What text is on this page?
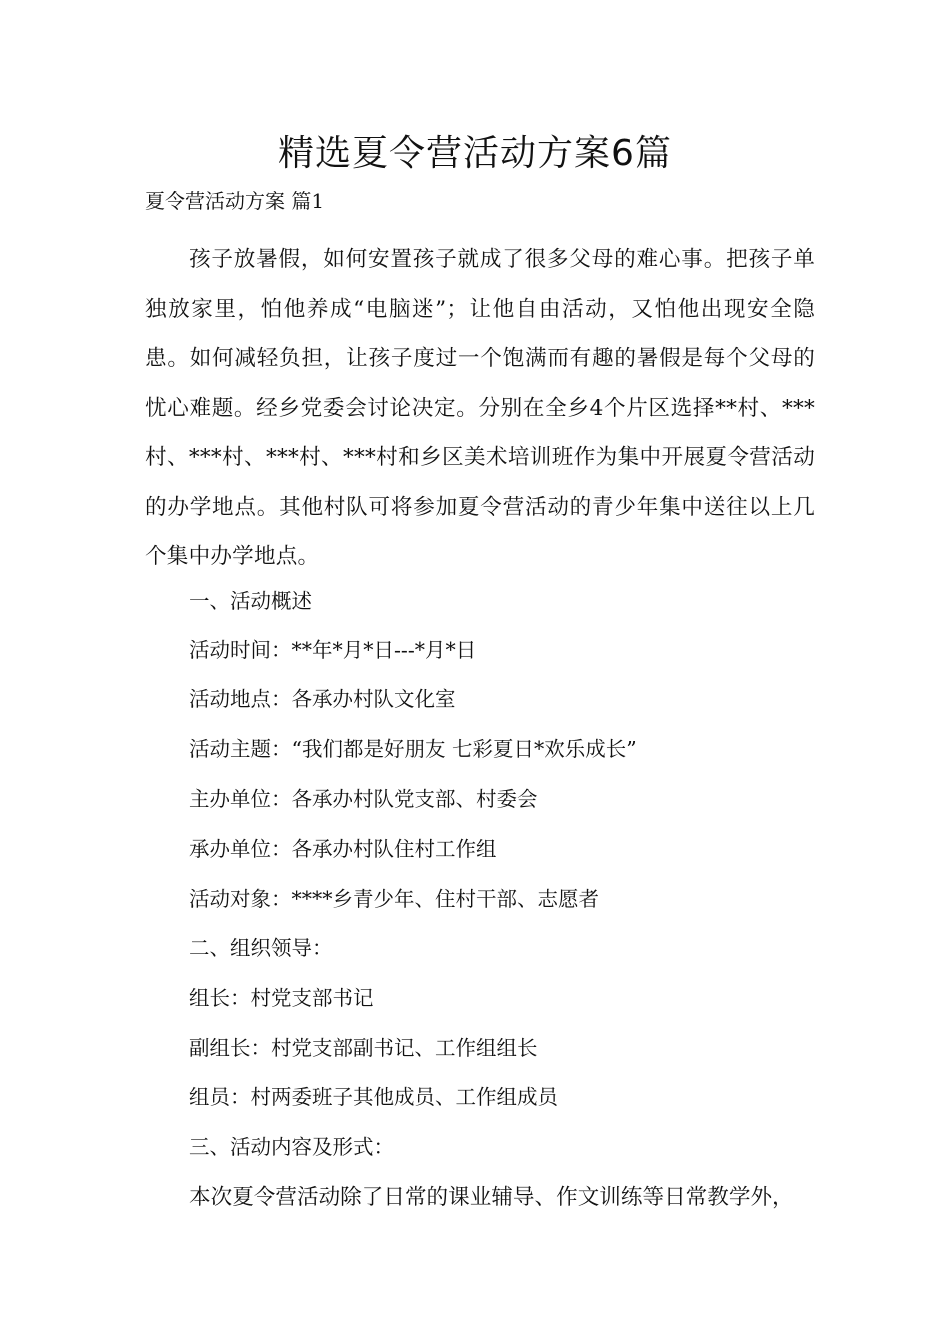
精选夏令营活动方案6篇
夏令营活动方案 篇1
孩子放暑假，如何安置孩子就成了很多父母的难心事。把孩子单独放家里，怕他养成“电脑迷”；让他自由活动，又怕他出现安全隐患。如何减轻负担，让孩子度过一个饱满而有趣的暑假是每个父母的忧心难题。经乡党委会讨论决定。分别在全乡4个片区选择**村、***村、***村、***村、***村和乡区美术培训班作为集中开展夏令营活动的办学地点。其他村队可将参加夏令营活动的青少年集中送往以上几个集中办学地点。
一、活动概述
活动时间：**年*月*日---*月*日
活动地点：各承办村队文化室
活动主题：“我们都是好朋友 七彩夏日*欢乐成长”
主办单位：各承办村队党支部、村委会
承办单位：各承办村队住村工作组
活动对象：****乡青少年、住村干部、志愿者
二、组织领导：
组长：村党支部书记
副组长：村党支部副书记、工作组组长
组员：村两委班子其他成员、工作组成员
三、活动内容及形式：
本次夏令营活动除了日常的课业辅导、作文训练等日常教学外，
